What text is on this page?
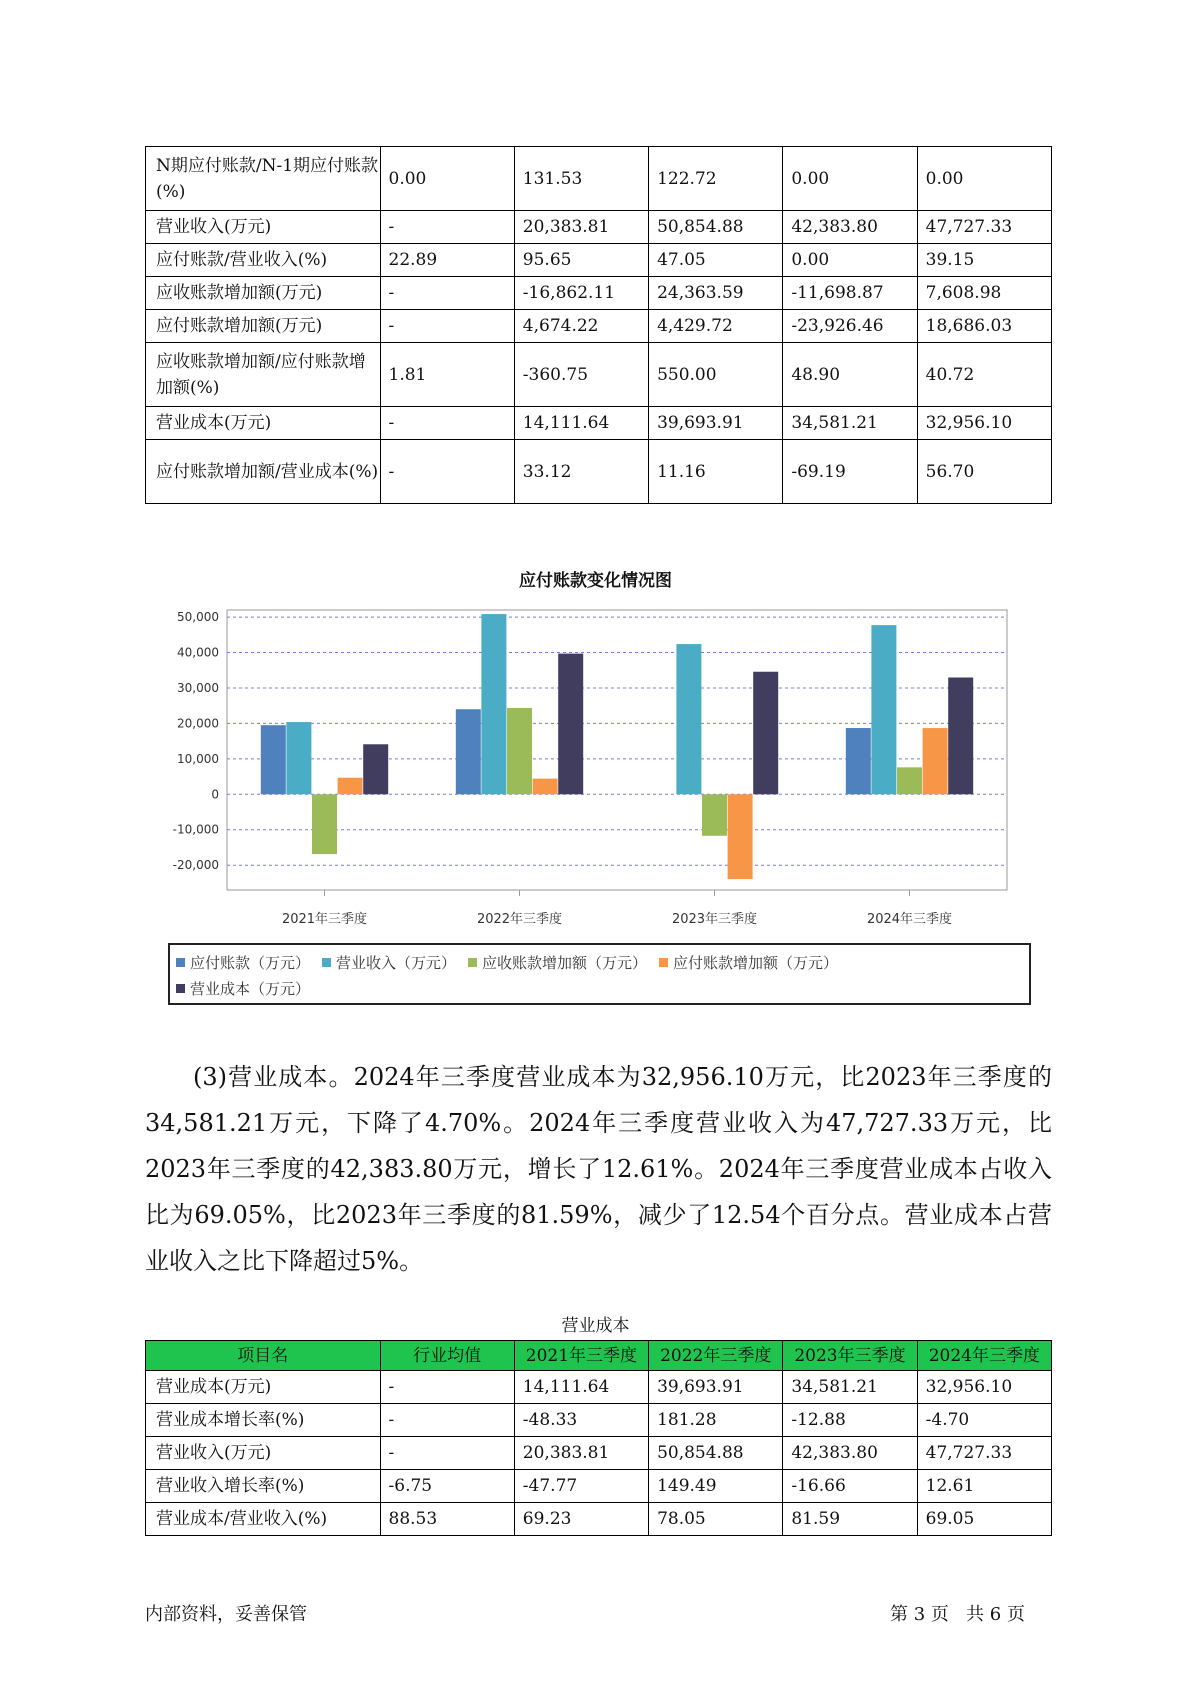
N期应付账款/N-1期应付账款(%)	0.00	131.53	122.72	0.00	0.00
营业收入(万元)	-	20,383.81	50,854.88	42,383.80	47,727.33
应付账款/营业收入(%)	22.89	95.65	47.05	0.00	39.15
应收账款增加额(万元)	-	-16,862.11	24,363.59	-11,698.87	7,608.98
应付账款增加额(万元)	-	4,674.22	4,429.72	-23,926.46	18,686.03
应收账款增加额/应付账款增加额(%)	1.81	-360.75	550.00	48.90	40.72
营业成本(万元)	-	14,111.64	39,693.91	34,581.21	32,956.10
应付账款增加额/营业成本(%)	-	33.12	11.16	-69.19	56.70
应付账款变化情况图
50,000
40,000
30,000
20,000
10,000
0
-10,000
-20,000
2021年三季度	2022年三季度	2023年三季度	2024年三季度
应付账款（万元） 营业收入（万元） 应收账款增加额（万元） 应付账款增加额（万元）

营业成本（万元）
(3)营业成本。2024年三季度营业成本为32,956.10万元，比2023年三季度的34,581.21万元，下降了4.70%。2024年三季度营业收入为47,727.33万元，比2023年三季度的42,383.80万元，增长了12.61%。2024年三季度营业成本占收入比为69.05%，比2023年三季度的81.59%，减少了12.54个百分点。营业成本占营业收入之比下降超过5%。
营业成本
项目名	行业均值	2021年三季度	2022年三季度	2023年三季度	2024年三季度
营业成本(万元)	-	14,111.64	39,693.91	34,581.21	32,956.10
营业成本增长率(%)	-	-48.33	181.28	-12.88	-4.70
营业收入(万元)	-	20,383.81	50,854.88	42,383.80	47,727.33
营业收入增长率(%)	-6.75	-47.77	149.49	-16.66	12.61
营业成本/营业收入(%)	88.53	69.23	78.05	81.59	69.05
内部资料，妥善保管	第 3 页   共 6 页
